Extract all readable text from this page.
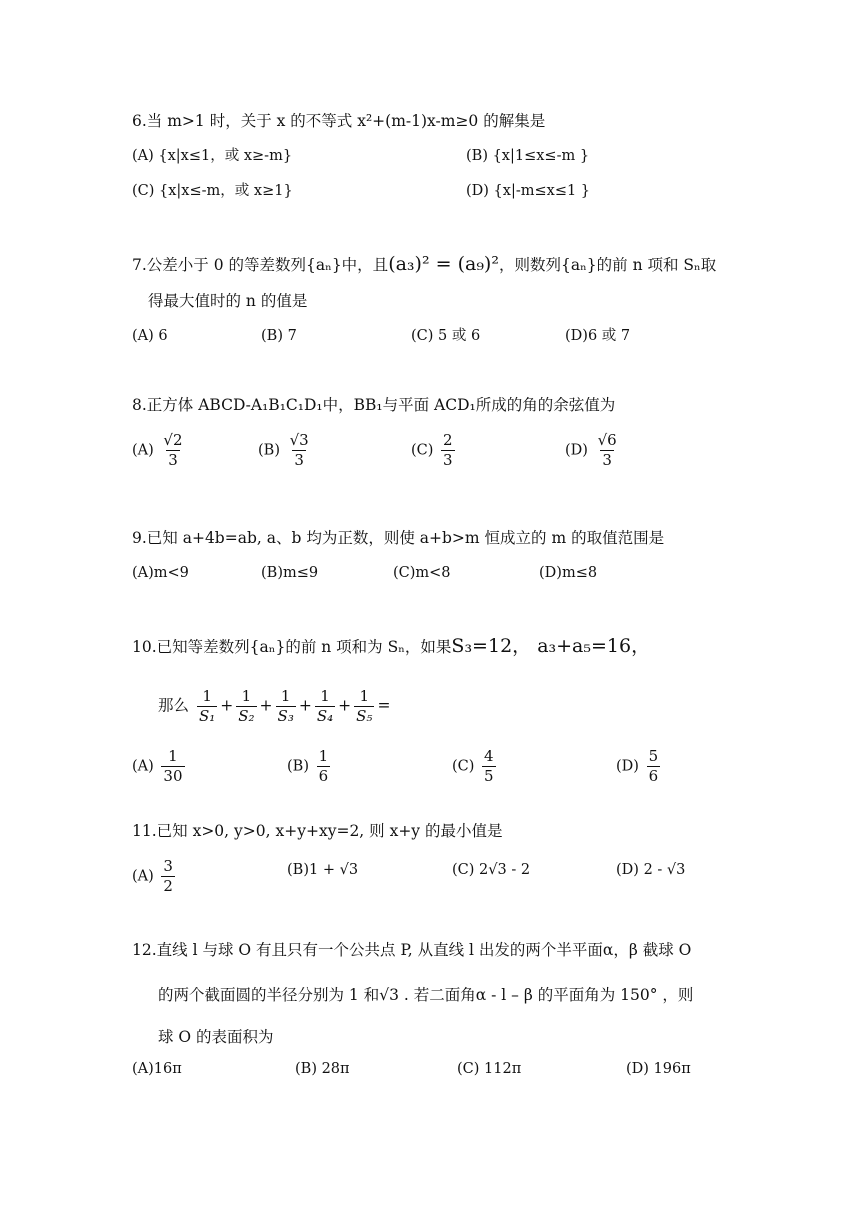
6.当 m>1 时，关于 x 的不等式 x²+(m-1)x-m≥0 的解集是
(A) {x|x≤1，或 x≥-m}	(B) {x|1≤x≤-m }
(C) {x|x≤-m，或 x≥1}	(D) {x|-m≤x≤1 }
7.公差小于 0 的等差数列{aₙ}中，且(a₃)² = (a₉)²，则数列{aₙ}的前 n 项和 Sₙ取
得最大值时的 n 的值是
(A) 6	(B) 7	(C) 5 或 6	(D)6 或 7
8.正方体 ABCD-A₁B₁C₁D₁中，BB₁与平面 ACD₁所成的角的余弦值为
$(A) \frac{√2}{3}$	$(B) \frac{√3}{3}$	$(C) \frac{2}{3}$	$(D) \frac{√6}{3}$
9.已知 a+4b=ab, a、b 均为正数，则使 a+b>m 恒成立的 m 的取值范围是
(A)m<9	(B)m≤9	(C)m<8	(D)m≤8
10.已知等差数列{aₙ}的前 n 项和为 Sₙ，如果S₃=12， a₃+a₅=16，
那么 $\frac{1}{\text{S₁}} + \frac{1}{\text{S₂}} + \frac{1}{\text{S₃}} + \frac{1}{\text{S₄}} + \frac{1}{\text{S₅}}$ =
$(A) \frac{1}{30}$	$(B) \frac{1}{6}$	$(C) \frac{4}{5}$	$(D) \frac{5}{6}$
11.已知 x>0, y>0, x+y+xy=2, 则 x+y 的最小值是
$(A) \frac{3}{2}$	(B)1 + √3	(C) 2√3 - 2	(D) 2 - √3
12.直线 l 与球 O 有且只有一个公共点 P, 从直线 l 出发的两个半平面α，β 截球 O
的两个截面圆的半径分别为 1 和√3 . 若二面角α - l – β 的平面角为 150° ，则
球 O 的表面积为
(A)16π	(B) 28π	(C) 112π	(D) 196π
